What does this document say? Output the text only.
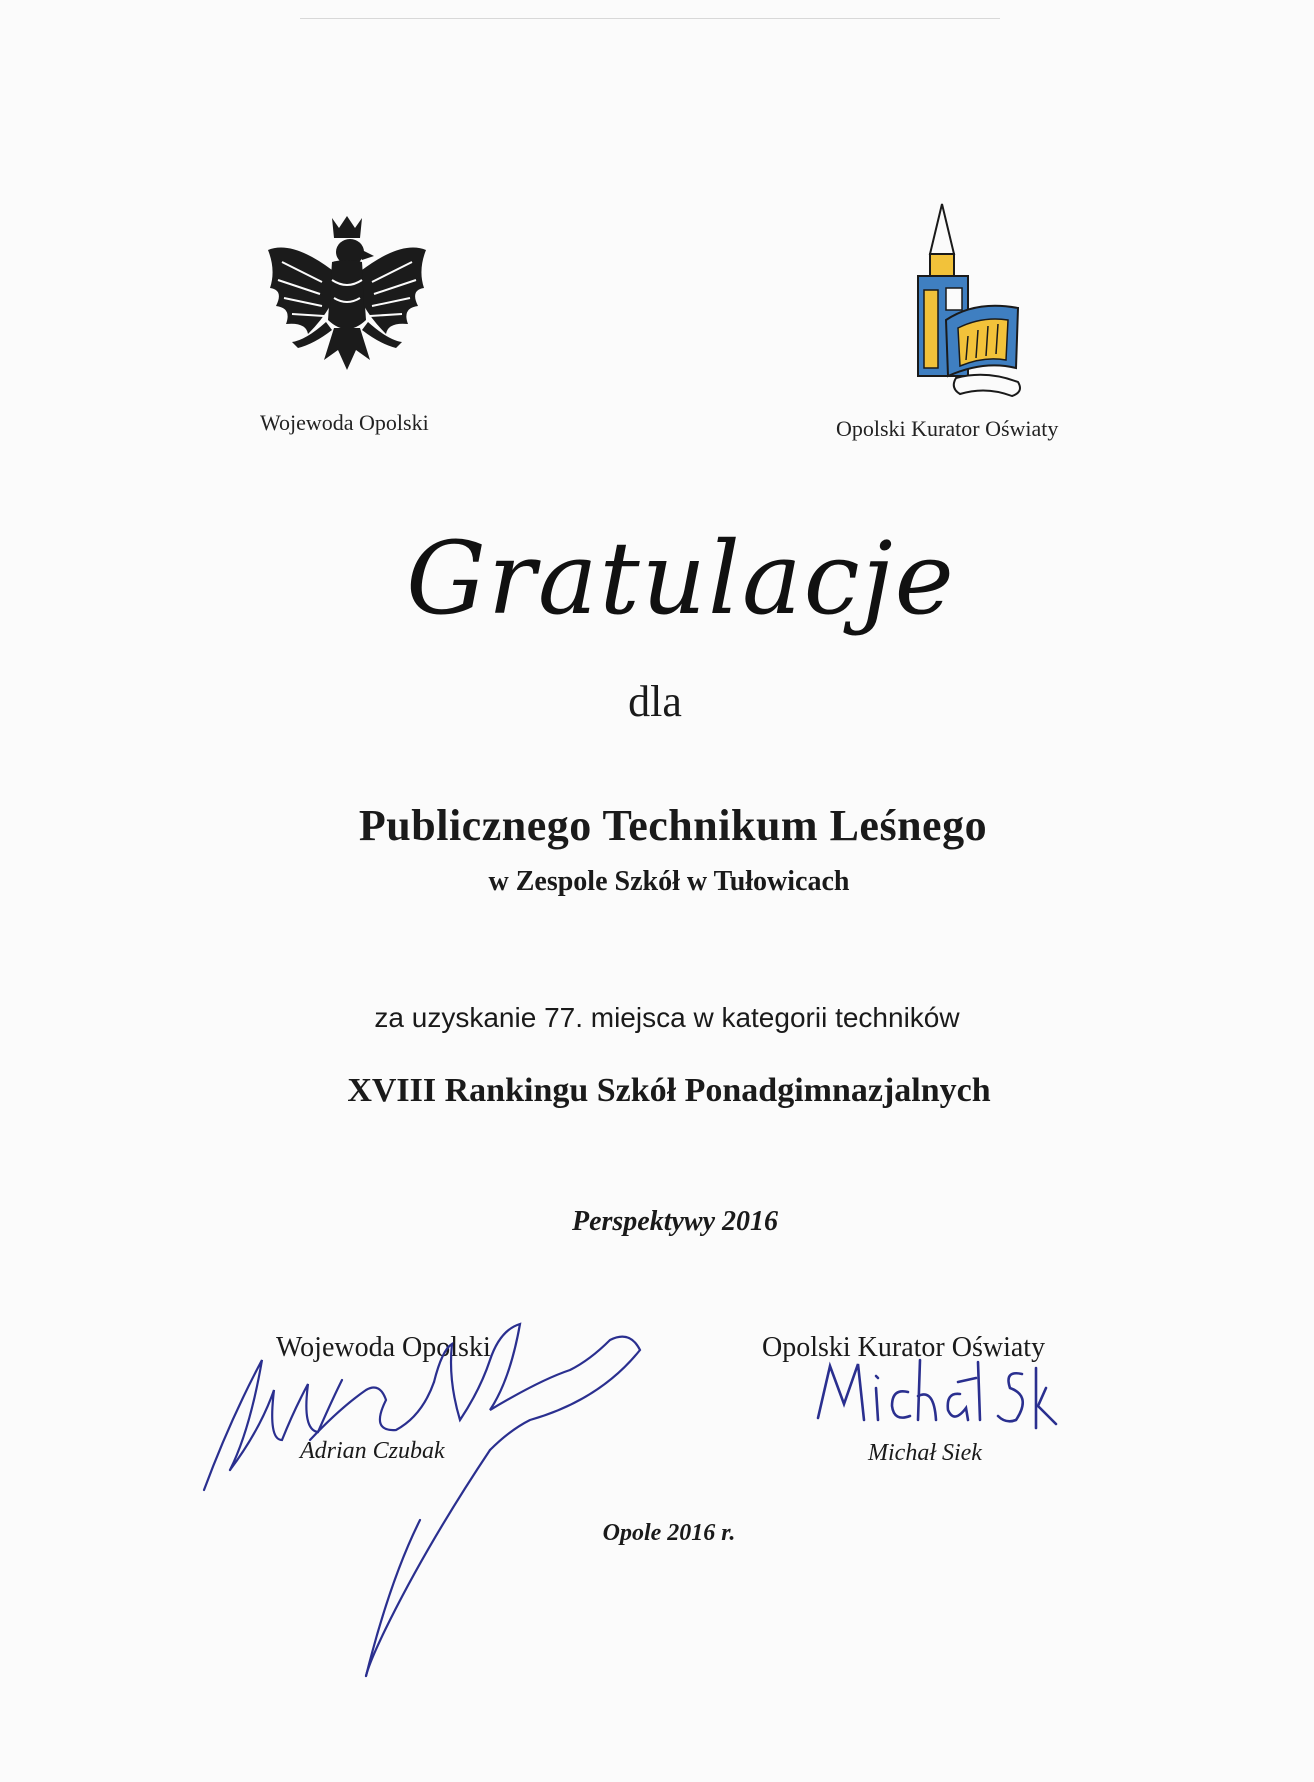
Wojewoda Opolski	Opolski Kurator Oświaty
Gratulacje
dla
Publicznego Technikum Leśnego
w Zespole Szkół w Tułowicach
za uzyskanie 77. miejsca w kategorii techników
XVIII Rankingu Szkół Ponadgimnazjalnych
Perspektywy 2016
Wojewoda Opolski
Adrian Czubak
Opolski Kurator Oświaty
Michał Siek
Opole 2016 r.
